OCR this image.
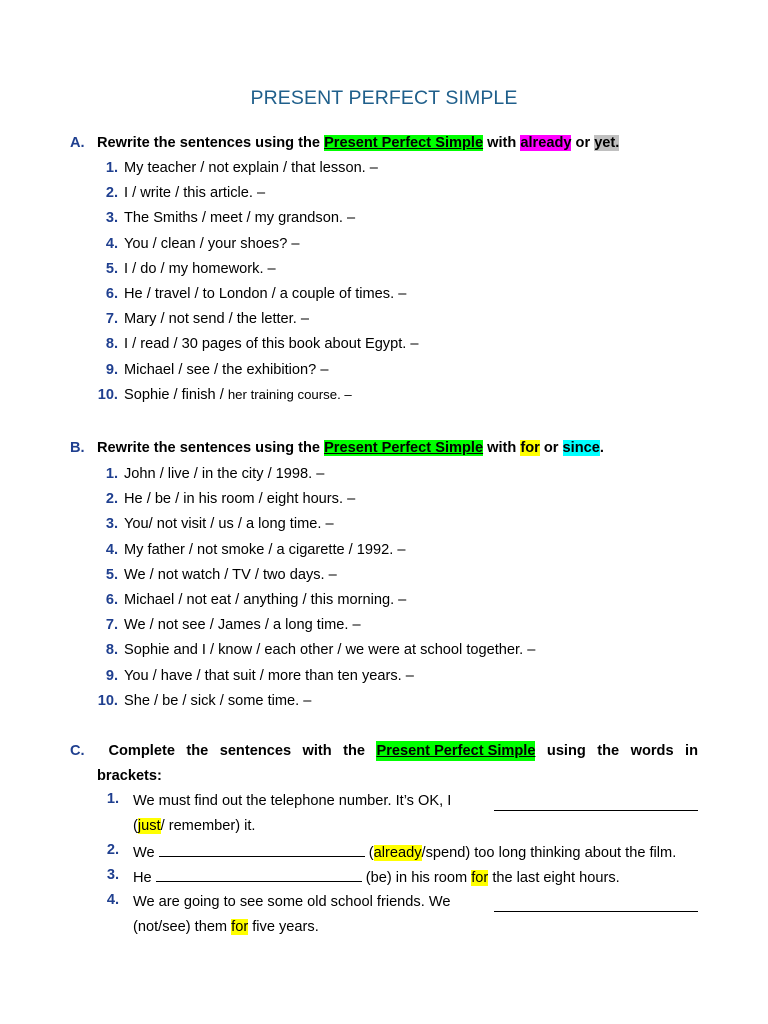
PRESENT PERFECT SIMPLE
A. Rewrite the sentences using the Present Perfect Simple with already or yet.
1. My teacher / not explain / that lesson. –
2. I / write / this article. –
3. The Smiths / meet / my grandson. –
4. You / clean / your shoes? –
5. I / do / my homework. –
6. He / travel / to London / a couple of times. –
7. Mary / not send / the letter. –
8. I / read / 30 pages of this book about Egypt. –
9. Michael / see / the exhibition? –
10. Sophie / finish / her training course. –
B. Rewrite the sentences using the Present Perfect Simple with for or since.
1. John / live / in the city / 1998. –
2. He / be / in his room / eight hours. –
3. You/ not visit / us / a long time. –
4. My father / not smoke / a cigarette / 1992. –
5. We / not watch / TV / two days. –
6. Michael / not eat / anything / this morning. –
7. We / not see / James / a long time. –
8. Sophie and I / know / each other / we were at school together. –
9. You / have / that suit / more than ten years. –
10. She / be / sick / some time. –
C.	Complete the sentences with the Present Perfect Simple using the words in
brackets:
1. We must find out the telephone number. It’s OK, I
(just/ remember) it.
2. We	(already/spend) too long thinking about the film.
3. He	(be) in his room for the last eight hours.
4. We are going to see some old school friends. We
(not/see) them for five years.
